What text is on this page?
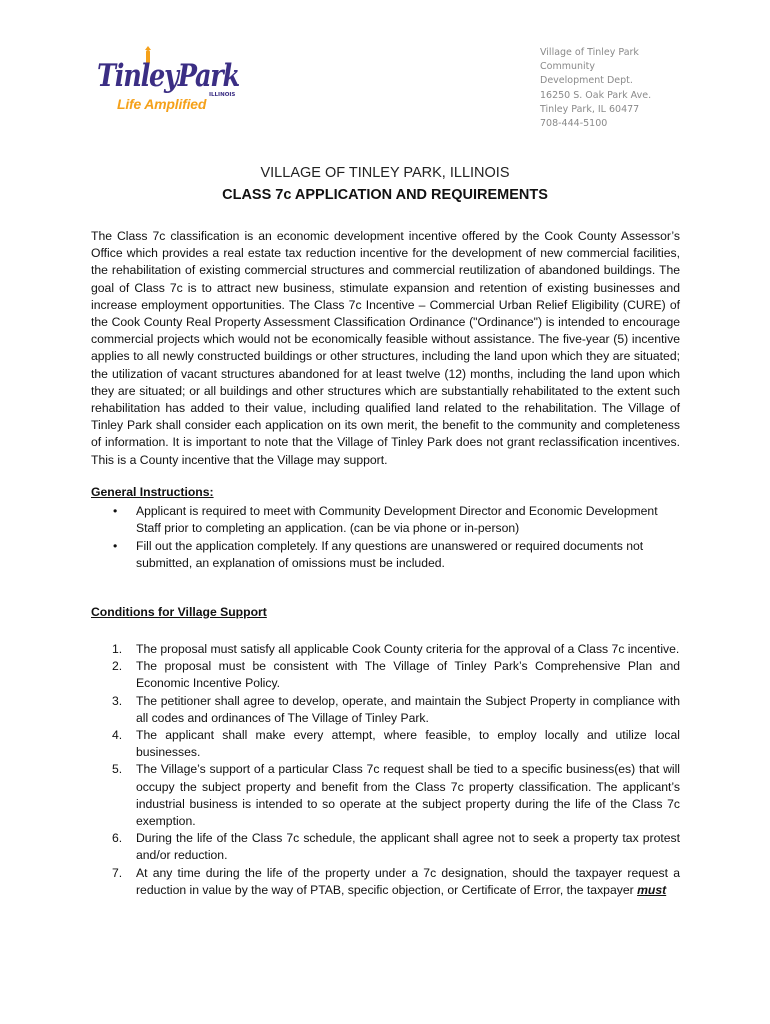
TinleyPark
ILLINOIS
Life Amplified
Village of Tinley Park
Community
Development Dept.
16250 S. Oak Park Ave.
Tinley Park, IL 60477
708-444-5100
VILLAGE OF TINLEY PARK, ILLINOIS
CLASS 7c APPLICATION AND REQUIREMENTS

The Class 7c classification is an economic development incentive offered by the Cook County Assessor’s Office which provides a real estate tax reduction incentive for the development of new commercial facilities, the rehabilitation of existing commercial structures and commercial reutilization of abandoned buildings. The goal of Class 7c is to attract new business, stimulate expansion and retention of existing businesses and increase employment opportunities. The Class 7c Incentive – Commercial Urban Relief Eligibility (CURE) of the Cook County Real Property Assessment Classification Ordinance ("Ordinance") is intended to encourage commercial projects which would not be economically feasible without assistance. The five-year (5) incentive applies to all newly constructed buildings or other structures, including the land upon which they are situated; the utilization of vacant structures abandoned for at least twelve (12) months, including the land upon which they are situated; or all buildings and other structures which are substantially rehabilitated to the extent such rehabilitation has added to their value, including qualified land related to the rehabilitation. The Village of Tinley Park shall consider each application on its own merit, the benefit to the community and completeness of information. It is important to note that the Village of Tinley Park does not grant reclassification incentives. This is a County incentive that the Village may support.

General Instructions:
• Applicant is required to meet with Community Development Director and Economic Development Staff prior to completing an application. (can be via phone or in-person)
• Fill out the application completely. If any questions are unanswered or required documents not submitted, an explanation of omissions must be included.
Conditions for Village Support
1. The proposal must satisfy all applicable Cook County criteria for the approval of a Class 7c incentive.
2. The proposal must be consistent with The Village of Tinley Park’s Comprehensive Plan and Economic Incentive Policy.
3. The petitioner shall agree to develop, operate, and maintain the Subject Property in compliance with all codes and ordinances of The Village of Tinley Park.
4. The applicant shall make every attempt, where feasible, to employ locally and utilize local businesses.
5. The Village’s support of a particular Class 7c request shall be tied to a specific business(es) that will occupy the subject property and benefit from the Class 7c property classification. The applicant’s industrial business is intended to so operate at the subject property during the life of the Class 7c exemption.
6. During the life of the Class 7c schedule, the applicant shall agree not to seek a property tax protest and/or reduction.
7. At any time during the life of the property under a 7c designation, should the taxpayer request a reduction in value by the way of PTAB, specific objection, or Certificate of Error, the taxpayer must
